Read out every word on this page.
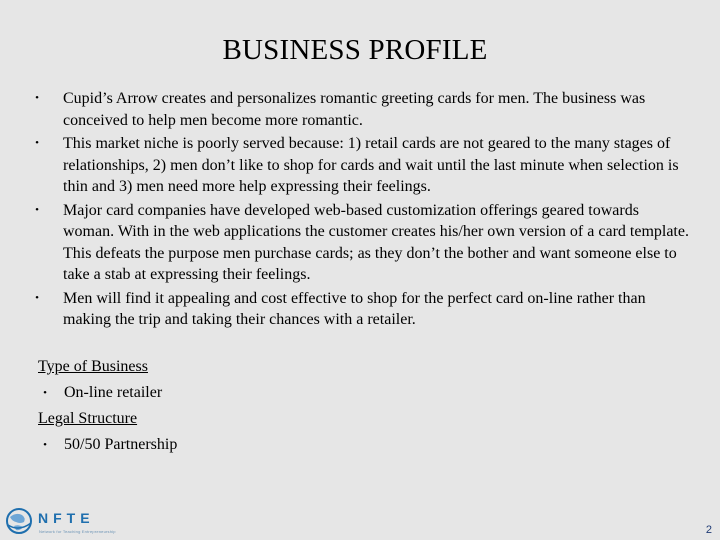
BUSINESS PROFILE
•	Cupid’s Arrow creates and personalizes romantic greeting cards for men. The business was conceived to help men become more romantic.
•	This market niche is poorly served because: 1) retail cards are not geared to the many stages of relationships, 2) men don’t like to shop for cards and wait until the last minute when selection is thin and 3) men need more help expressing their feelings.
•	Major card companies have developed web-based customization offerings geared towards woman. With in the web applications the customer creates his/her own version of a card template. This defeats the purpose men purchase cards; as they don’t the bother and want someone else to take a stab at expressing their feelings.
•	Men will find it appealing and cost effective to shop for the perfect card on-line rather than making the trip and taking their chances with a retailer.
Type of Business
•	On-line retailer
Legal Structure
•	50/50 Partnership
NFTE
Network for Teaching Entrepreneurship	2
